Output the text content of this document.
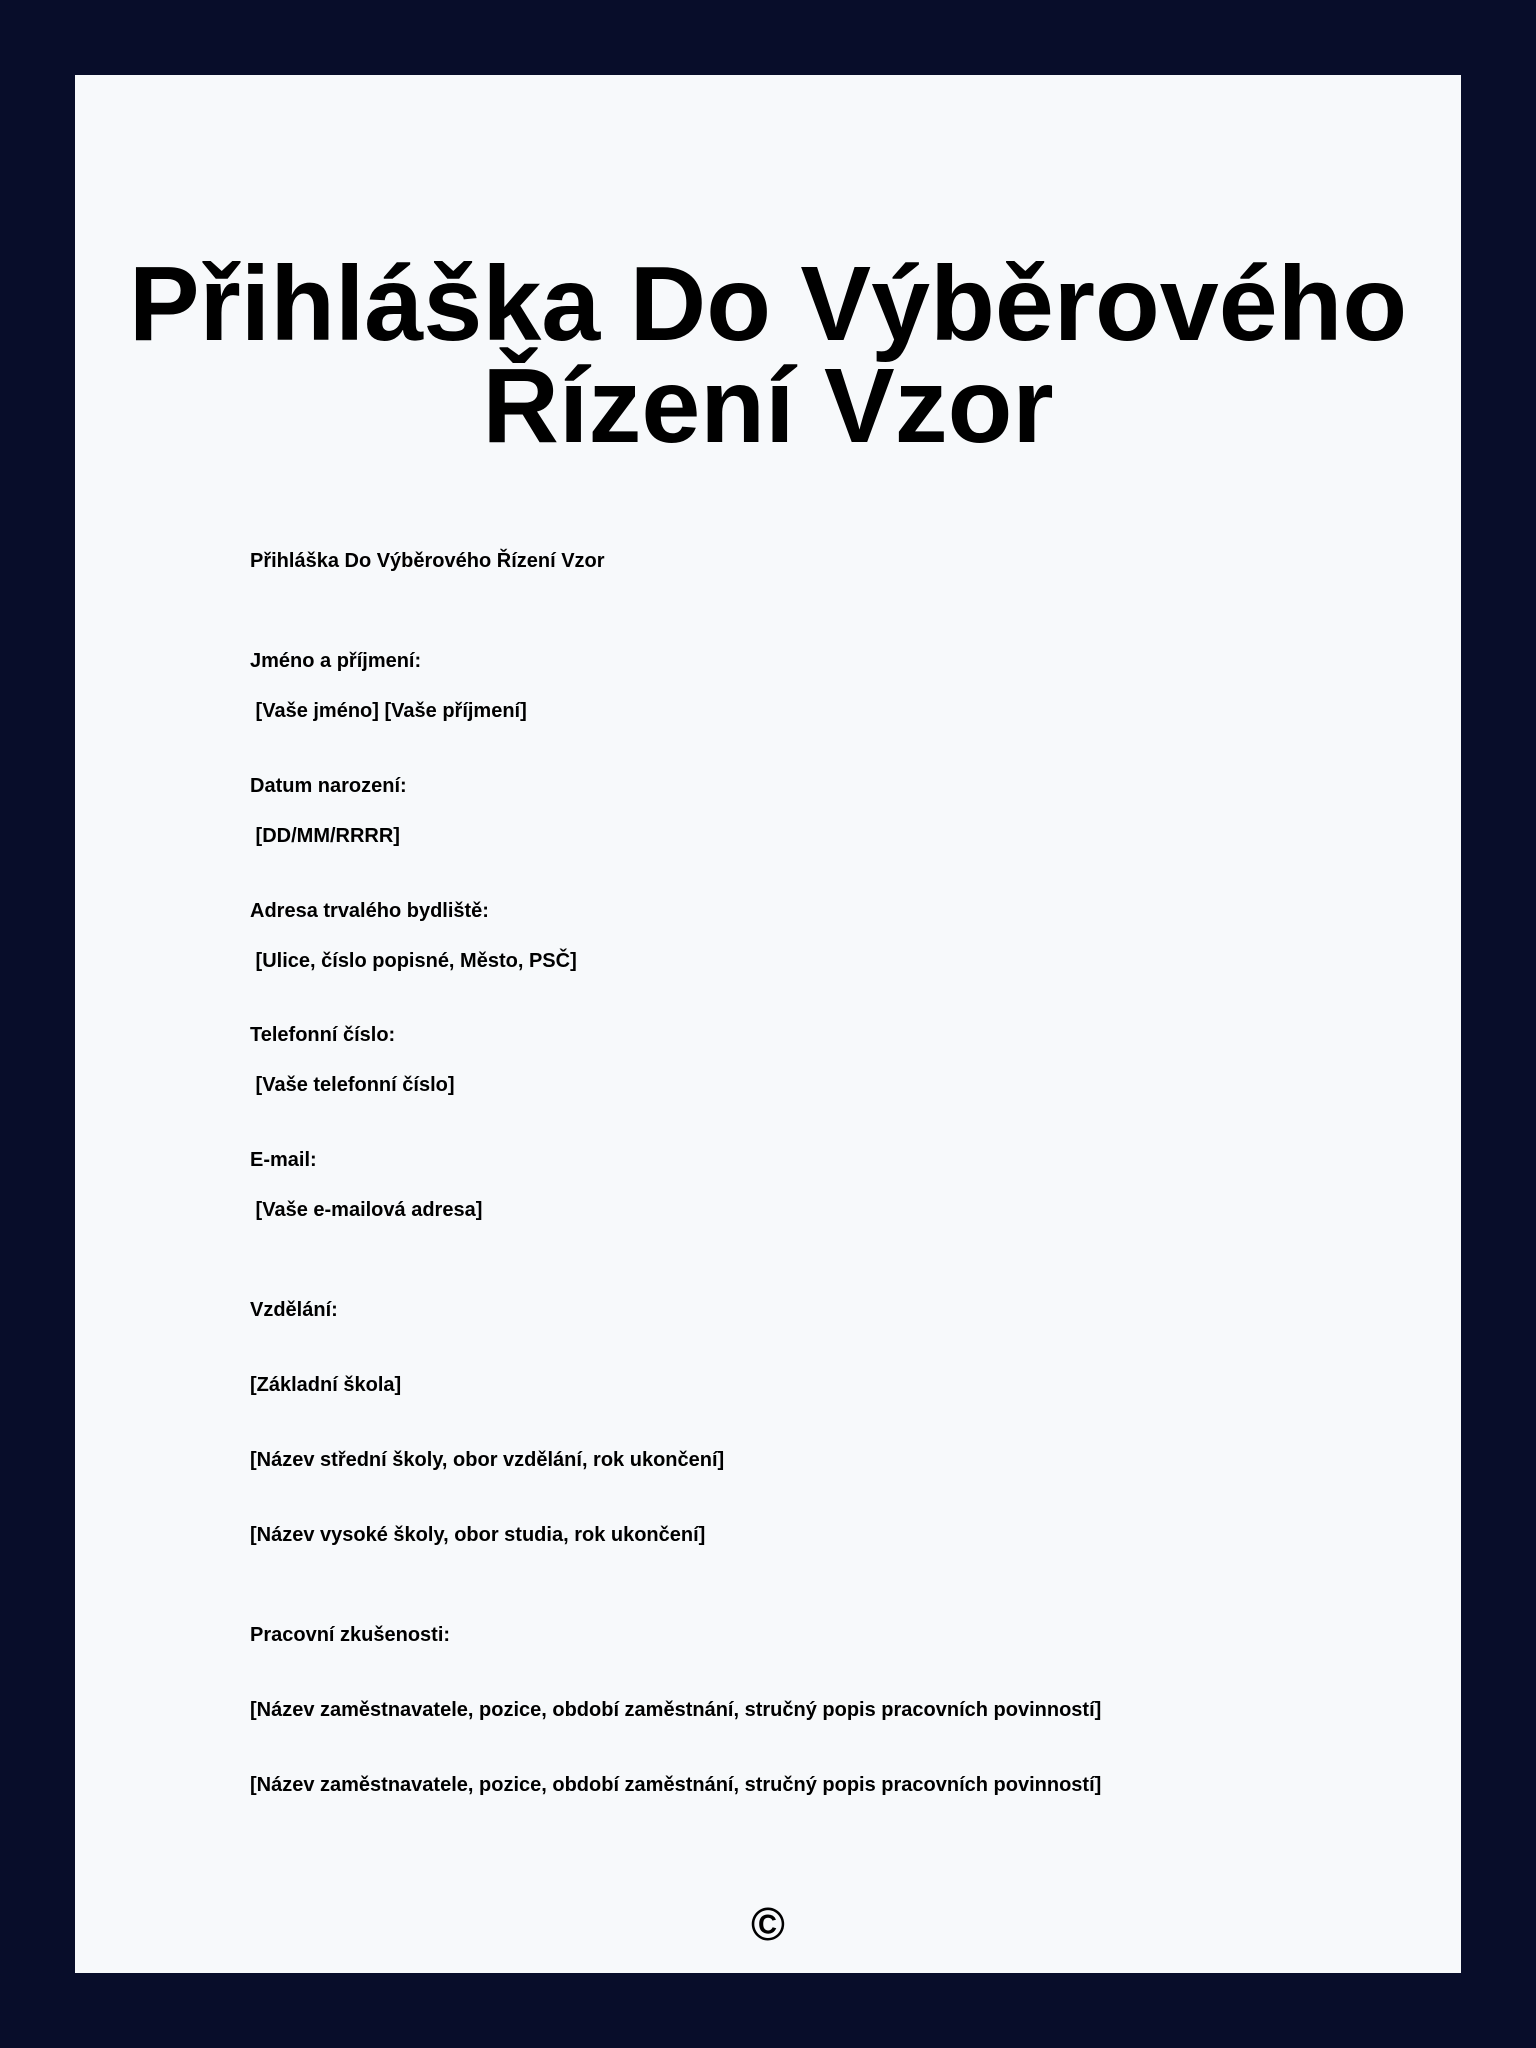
Přihláška Do Výběrového
Řízení Vzor
Přihláška Do Výběrového Řízení Vzor
Jméno a příjmení:
[Vaše jméno] [Vaše příjmení]
Datum narození:
[DD/MM/RRRR]
Adresa trvalého bydliště:
[Ulice, číslo popisné, Město, PSČ]
Telefonní číslo:
[Vaše telefonní číslo]
E-mail:
[Vaše e-mailová adresa]
Vzdělání:
[Základní škola]
[Název střední školy, obor vzdělání, rok ukončení]
[Název vysoké školy, obor studia, rok ukončení]
Pracovní zkušenosti:
[Název zaměstnavatele, pozice, období zaměstnání, stručný popis pracovních povinností]
[Název zaměstnavatele, pozice, období zaměstnání, stručný popis pracovních povinností]
©
